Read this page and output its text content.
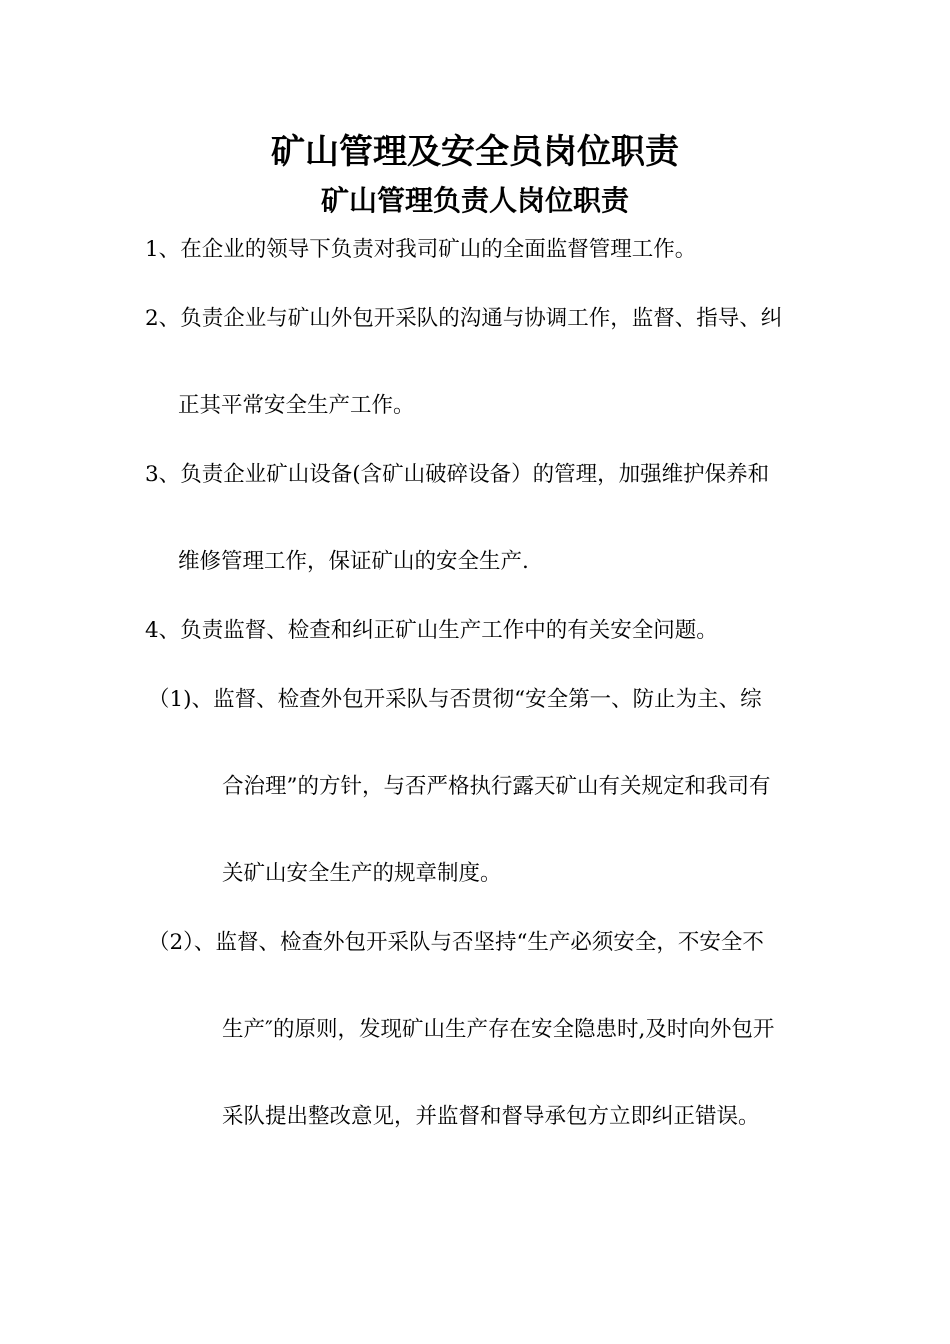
矿山管理及安全员岗位职责
矿山管理负责人岗位职责

1、在企业的领导下负责对我司矿山的全面监督管理工作。

2、负责企业与矿山外包开采队的沟通与协调工作，监督、指导、纠

正其平常安全生产工作。

3、负责企业矿山设备(含矿山破碎设备）的管理，加强维护保养和

维修管理工作，保证矿山的安全生产.

4、负责监督、检查和纠正矿山生产工作中的有关安全问题。

（1)、监督、检查外包开采队与否贯彻“安全第一、防止为主、综

合治理”的方针，与否严格执行露天矿山有关规定和我司有

关矿山安全生产的规章制度。

（2）、监督、检查外包开采队与否坚持“生产必须安全，不安全不

生产″的原则，发现矿山生产存在安全隐患时,及时向外包开

采队提出整改意见，并监督和督导承包方立即纠正错误。
